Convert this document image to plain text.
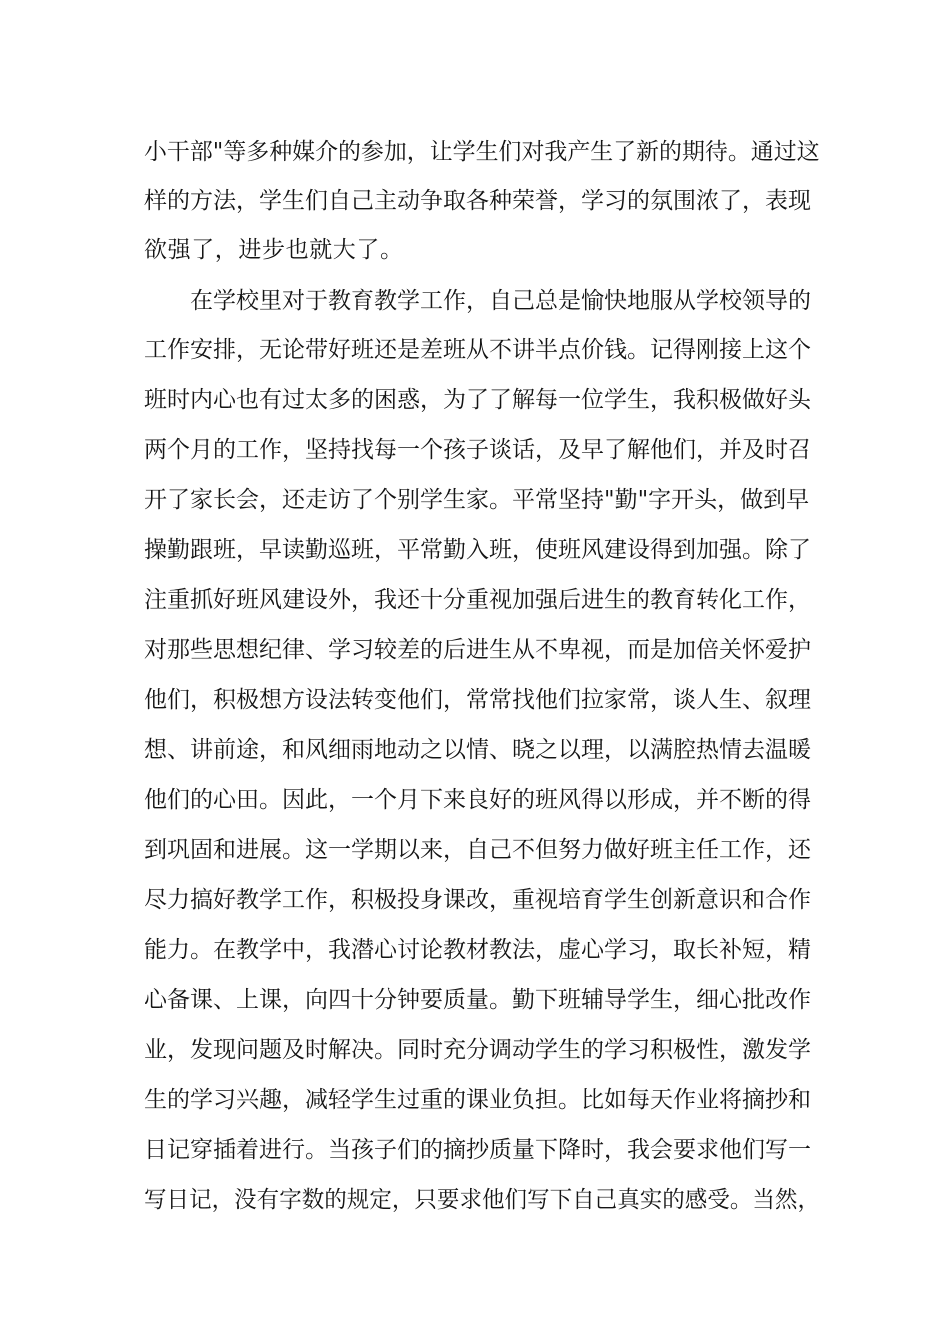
小干部"等多种媒介的参加，让学生们对我产生了新的期待。通过这
样的方法，学生们自己主动争取各种荣誉，学习的氛围浓了，表现
欲强了，进步也就大了。
在学校里对于教育教学工作，自己总是愉快地服从学校领导的
工作安排，无论带好班还是差班从不讲半点价钱。记得刚接上这个
班时内心也有过太多的困惑，为了了解每一位学生，我积极做好头
两个月的工作，坚持找每一个孩子谈话，及早了解他们，并及时召
开了家长会，还走访了个别学生家。平常坚持"勤"字开头，做到早
操勤跟班，早读勤巡班，平常勤入班，使班风建设得到加强。除了
注重抓好班风建设外，我还十分重视加强后进生的教育转化工作，
对那些思想纪律、学习较差的后进生从不卑视，而是加倍关怀爱护
他们，积极想方设法转变他们，常常找他们拉家常，谈人生、叙理
想、讲前途，和风细雨地动之以情、晓之以理，以满腔热情去温暖
他们的心田。因此，一个月下来良好的班风得以形成，并不断的得
到巩固和进展。这一学期以来，自己不但努力做好班主任工作，还
尽力搞好教学工作，积极投身课改，重视培育学生创新意识和合作
能力。在教学中，我潜心讨论教材教法，虚心学习，取长补短，精
心备课、上课，向四十分钟要质量。勤下班辅导学生，细心批改作
业，发现问题及时解决。同时充分调动学生的学习积极性，激发学
生的学习兴趣，减轻学生过重的课业负担。比如每天作业将摘抄和
日记穿插着进行。当孩子们的摘抄质量下降时，我会要求他们写一
写日记，没有字数的规定，只要求他们写下自己真实的感受。当然，
